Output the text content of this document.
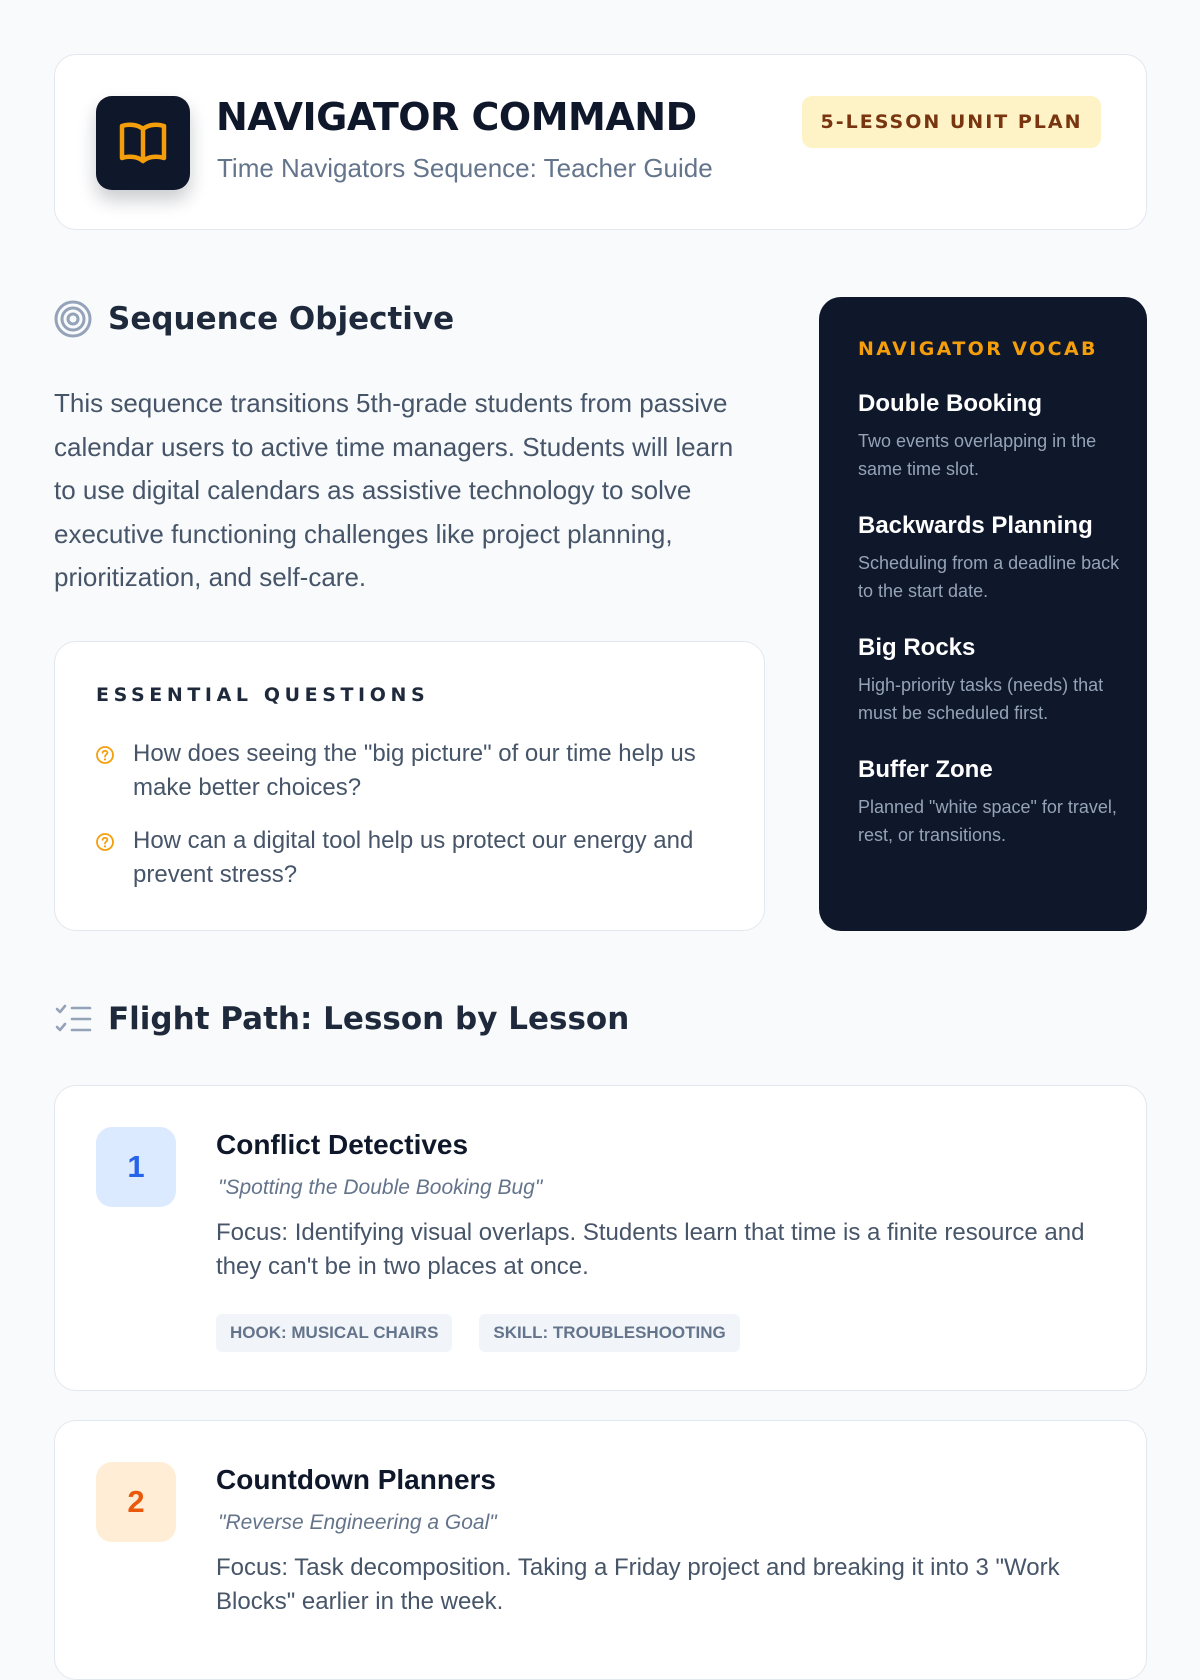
NAVIGATOR COMMAND
Time Navigators Sequence: Teacher Guide
5-LESSON UNIT PLAN
Sequence Objective
This sequence transitions 5th-grade students from passive calendar users to active time managers. Students will learn to use digital calendars as assistive technology to solve executive functioning challenges like project planning, prioritization, and self-care.
ESSENTIAL QUESTIONS
How does seeing the "big picture" of our time help us make better choices?
How can a digital tool help us protect our energy and prevent stress?
NAVIGATOR VOCAB
Double Booking
Two events overlapping in the same time slot.
Backwards Planning
Scheduling from a deadline back to the start date.
Big Rocks
High-priority tasks (needs) that must be scheduled first.
Buffer Zone
Planned "white space" for travel, rest, or transitions.
Flight Path: Lesson by Lesson
1
Conflict Detectives
"Spotting the Double Booking Bug"
Focus: Identifying visual overlaps. Students learn that time is a finite resource and they can't be in two places at once.
HOOK: MUSICAL CHAIRS	SKILL: TROUBLESHOOTING
2
Countdown Planners
"Reverse Engineering a Goal"
Focus: Task decomposition. Taking a Friday project and breaking it into 3 "Work Blocks" earlier in the week.
